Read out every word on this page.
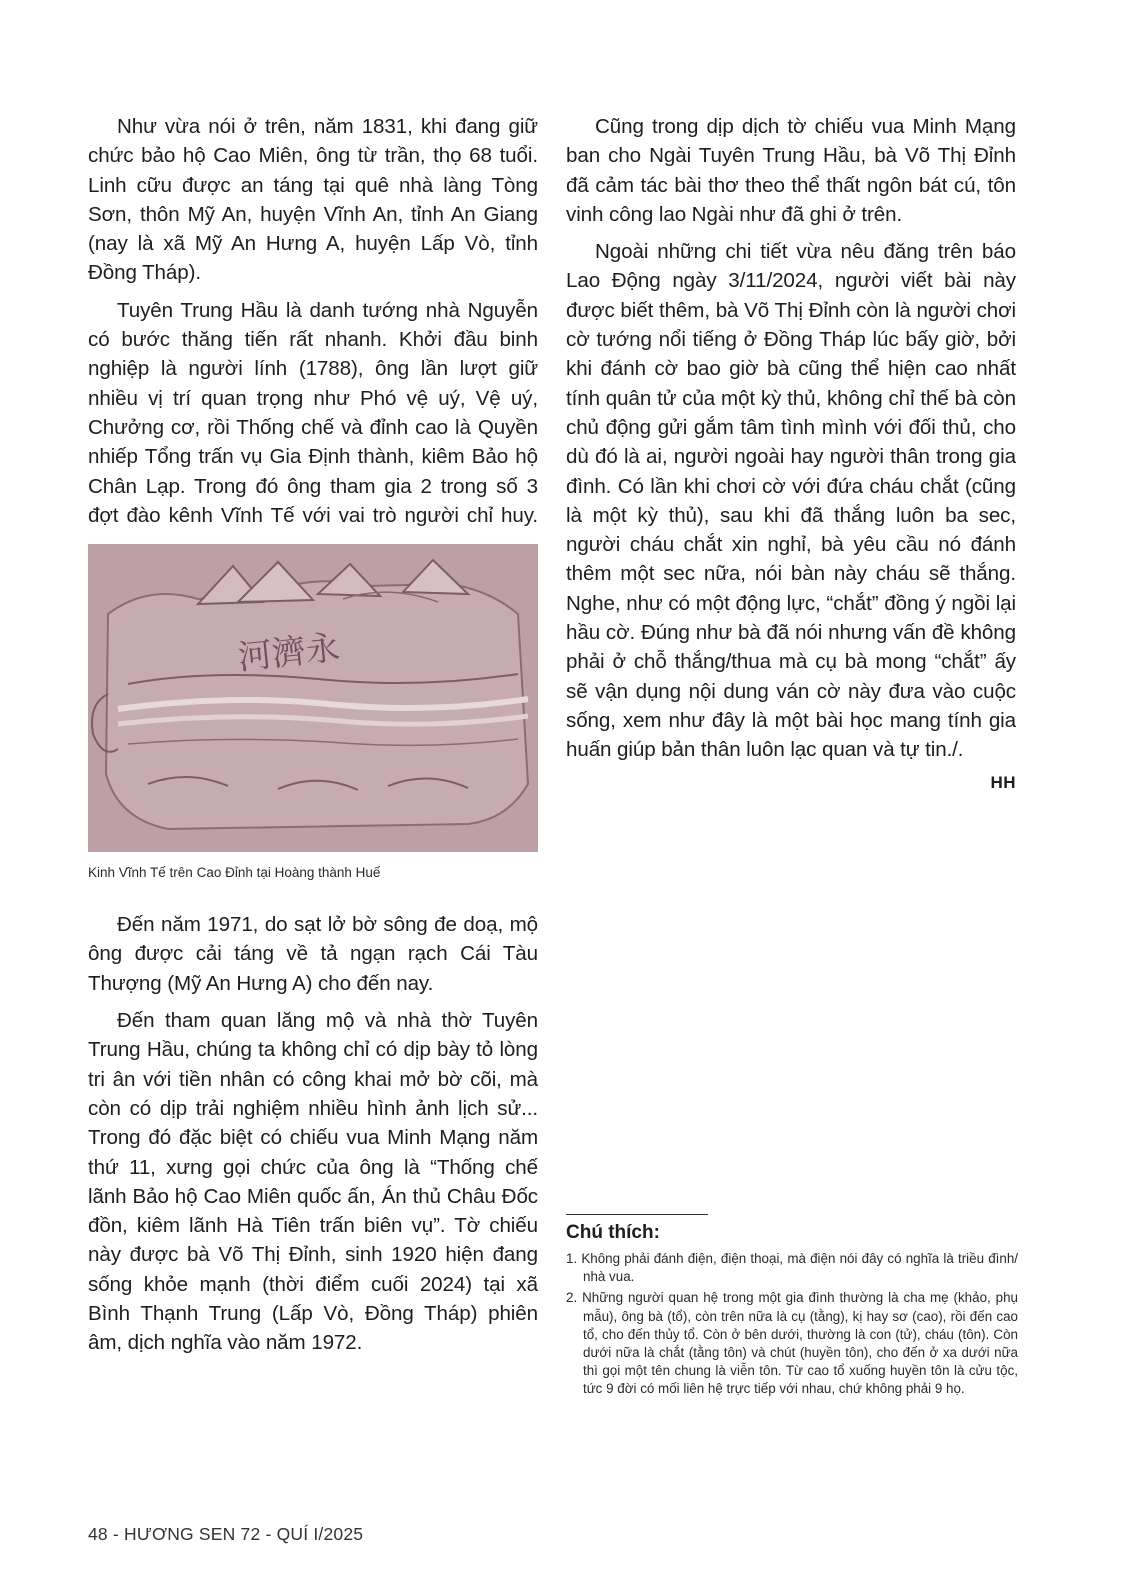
Như vừa nói ở trên, năm 1831, khi đang giữ chức bảo hộ Cao Miên, ông từ trần, thọ 68 tuổi. Linh cữu được an táng tại quê nhà làng Tòng Sơn, thôn Mỹ An, huyện Vĩnh An, tỉnh An Giang (nay là xã Mỹ An Hưng A, huyện Lấp Vò, tỉnh Đồng Tháp).

Tuyên Trung Hầu là danh tướng nhà Nguyễn có bước thăng tiến rất nhanh. Khởi đầu binh nghiệp là người lính (1788), ông lần lượt giữ nhiều vị trí quan trọng như Phó vệ uý, Vệ uý, Chưởng cơ, rồi Thống chế và đỉnh cao là Quyền nhiếp Tổng trấn vụ Gia Định thành, kiêm Bảo hộ Chân Lạp. Trong đó ông tham gia 2 trong số 3 đợt đào kênh Vĩnh Tế với vai trò người chỉ huy.

河濟永
Kinh Vĩnh Tế trên Cao Đỉnh tại Hoàng thành Huế

Đến năm 1971, do sạt lở bờ sông đe doạ, mộ ông được cải táng về tả ngạn rạch Cái Tàu Thượng (Mỹ An Hưng A) cho đến nay.

Đến tham quan lăng mộ và nhà thờ Tuyên Trung Hầu, chúng ta không chỉ có dịp bày tỏ lòng tri ân với tiền nhân có công khai mở bờ cõi, mà còn có dịp trải nghiệm nhiều hình ảnh lịch sử... Trong đó đặc biệt có chiếu vua Minh Mạng năm thứ 11, xưng gọi chức của ông là “Thống chế lãnh Bảo hộ Cao Miên quốc ấn, Án thủ Châu Đốc đồn, kiêm lãnh Hà Tiên trấn biên vụ”. Tờ chiếu này được bà Võ Thị Đỉnh, sinh 1920 hiện đang sống khỏe mạnh (thời điểm cuối 2024) tại xã Bình Thạnh Trung (Lấp Vò, Đồng Tháp) phiên âm, dịch nghĩa vào năm 1972.

Cũng trong dịp dịch tờ chiếu vua Minh Mạng ban cho Ngài Tuyên Trung Hầu, bà Võ Thị Đỉnh đã cảm tác bài thơ theo thể thất ngôn bát cú, tôn vinh công lao Ngài như đã ghi ở trên.

Ngoài những chi tiết vừa nêu đăng trên báo Lao Động ngày 3/11/2024, người viết bài này được biết thêm, bà Võ Thị Đỉnh còn là người chơi cờ tướng nổi tiếng ở Đồng Tháp lúc bấy giờ, bởi khi đánh cờ bao giờ bà cũng thể hiện cao nhất tính quân tử của một kỳ thủ, không chỉ thế bà còn chủ động gửi gắm tâm tình mình với đối thủ, cho dù đó là ai, người ngoài hay người thân trong gia đình. Có lần khi chơi cờ với đứa cháu chắt (cũng là một kỳ thủ), sau khi đã thắng luôn ba sec, người cháu chắt xin nghỉ, bà yêu cầu nó đánh thêm một sec nữa, nói bàn này cháu sẽ thắng. Nghe, như có một động lực, “chắt” đồng ý ngồi lại hầu cờ. Đúng như bà đã nói nhưng vấn đề không phải ở chỗ thắng/thua mà cụ bà mong “chắt” ấy sẽ vận dụng nội dung ván cờ này đưa vào cuộc sống, xem như đây là một bài học mang tính gia huấn giúp bản thân luôn lạc quan và tự tin./.

HH
Chú thích:

1. Không phải đánh điện, điện thoại, mà điện nói đây có nghĩa là triều đình/ nhà vua.

2. Những người quan hệ trong một gia đình thường là cha mẹ (khảo, phụ mẫu), ông bà (tổ), còn trên nữa là cụ (tằng), kị hay sơ (cao), rồi đến cao tổ, cho đến thủy tổ. Còn ở bên dưới, thường là con (tử), cháu (tôn). Còn dưới nữa là chắt (tằng tôn) và chút (huyền tôn), cho đến ở xa dưới nữa thì gọi một tên chung là viễn tôn. Từ cao tổ xuống huyền tôn là cửu tộc, tức 9 đời có mối liên hệ trực tiếp với nhau, chứ không phải 9 họ.

48 - HƯƠNG SEN 72 - QUÍ I/2025
